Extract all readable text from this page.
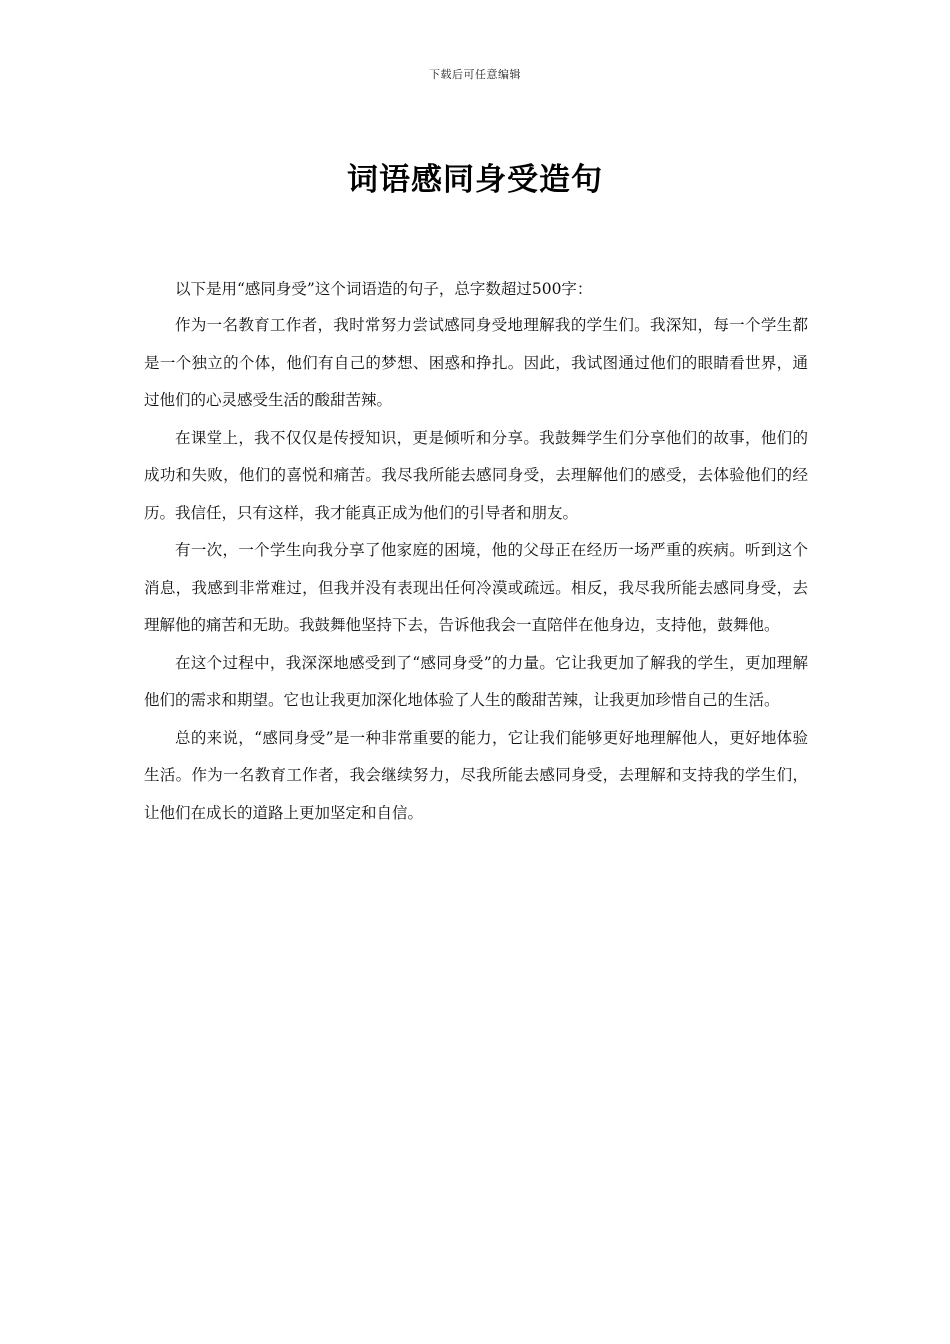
下载后可任意编辑
词语感同身受造句

以下是用“感同身受”这个词语造的句子，总字数超过500字：

作为一名教育工作者，我时常努力尝试感同身受地理解我的学生们。我深知，每一个学生都是一个独立的个体，他们有自己的梦想、困惑和挣扎。因此，我试图通过他们的眼睛看世界，通过他们的心灵感受生活的酸甜苦辣。

在课堂上，我不仅仅是传授知识，更是倾听和分享。我鼓舞学生们分享他们的故事，他们的成功和失败，他们的喜悦和痛苦。我尽我所能去感同身受，去理解他们的感受，去体验他们的经历。我信任，只有这样，我才能真正成为他们的引导者和朋友。

有一次，一个学生向我分享了他家庭的困境，他的父母正在经历一场严重的疾病。听到这个消息，我感到非常难过，但我并没有表现出任何冷漠或疏远。相反，我尽我所能去感同身受，去理解他的痛苦和无助。我鼓舞他坚持下去，告诉他我会一直陪伴在他身边，支持他，鼓舞他。

在这个过程中，我深深地感受到了“感同身受”的力量。它让我更加了解我的学生，更加理解他们的需求和期望。它也让我更加深化地体验了人生的酸甜苦辣，让我更加珍惜自己的生活。

总的来说，“感同身受”是一种非常重要的能力，它让我们能够更好地理解他人，更好地体验生活。作为一名教育工作者，我会继续努力，尽我所能去感同身受，去理解和支持我的学生们，让他们在成长的道路上更加坚定和自信。
